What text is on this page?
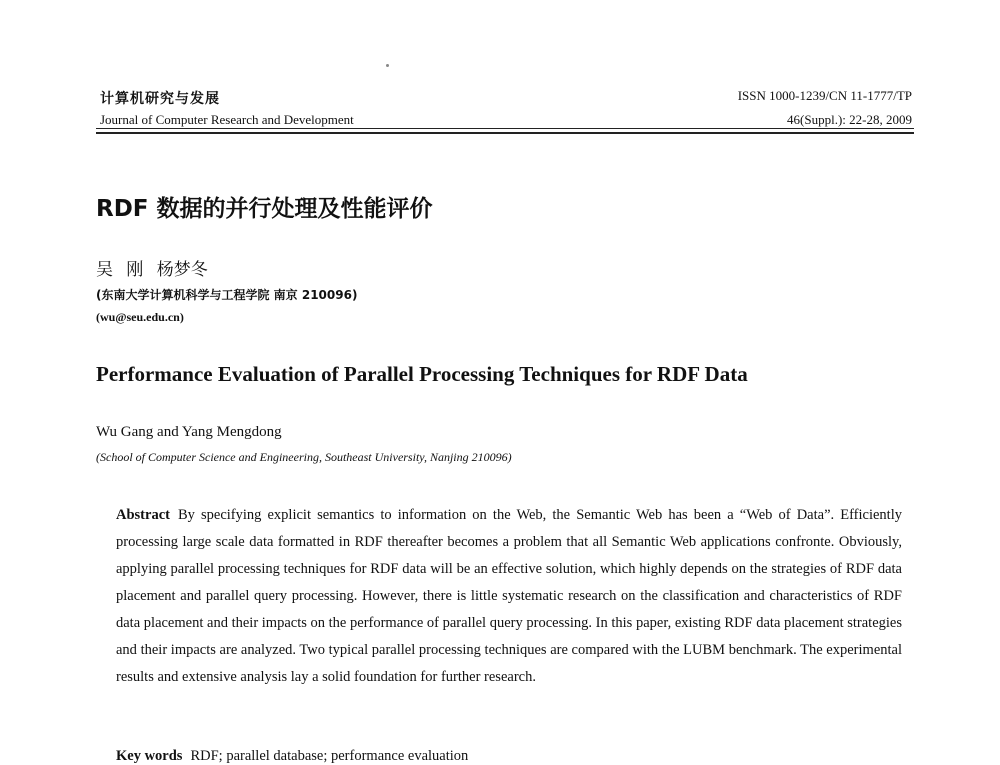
计算机研究与发展
Journal of Computer Research and Development
ISSN 1000-1239/CN 11-1777/TP
46(Suppl.): 22-28, 2009
RDF 数据的并行处理及性能评价
吴 刚 杨梦冬
(东南大学计算机科学与工程学院 南京 210096)
(wu@seu.edu.cn)
Performance Evaluation of Parallel Processing Techniques for RDF Data
Wu Gang and Yang Mengdong
(School of Computer Science and Engineering, Southeast University, Nanjing 210096)

Abstract By specifying explicit semantics to information on the Web, the Semantic Web has been a “Web of Data”. Efficiently processing large scale data formatted in RDF thereafter becomes a problem that all Semantic Web applications confronte. Obviously, applying parallel processing techniques for RDF data will be an effective solution, which highly depends on the strategies of RDF data placement and parallel query processing. However, there is little systematic research on the classification and characteristics of RDF data placement and their impacts on the performance of parallel query processing. In this paper, existing RDF data placement strategies and their impacts are analyzed. Two typical parallel processing techniques are compared with the LUBM benchmark. The experimental results and extensive analysis lay a solid foundation for further research.

Key words RDF; parallel database; performance evaluation
